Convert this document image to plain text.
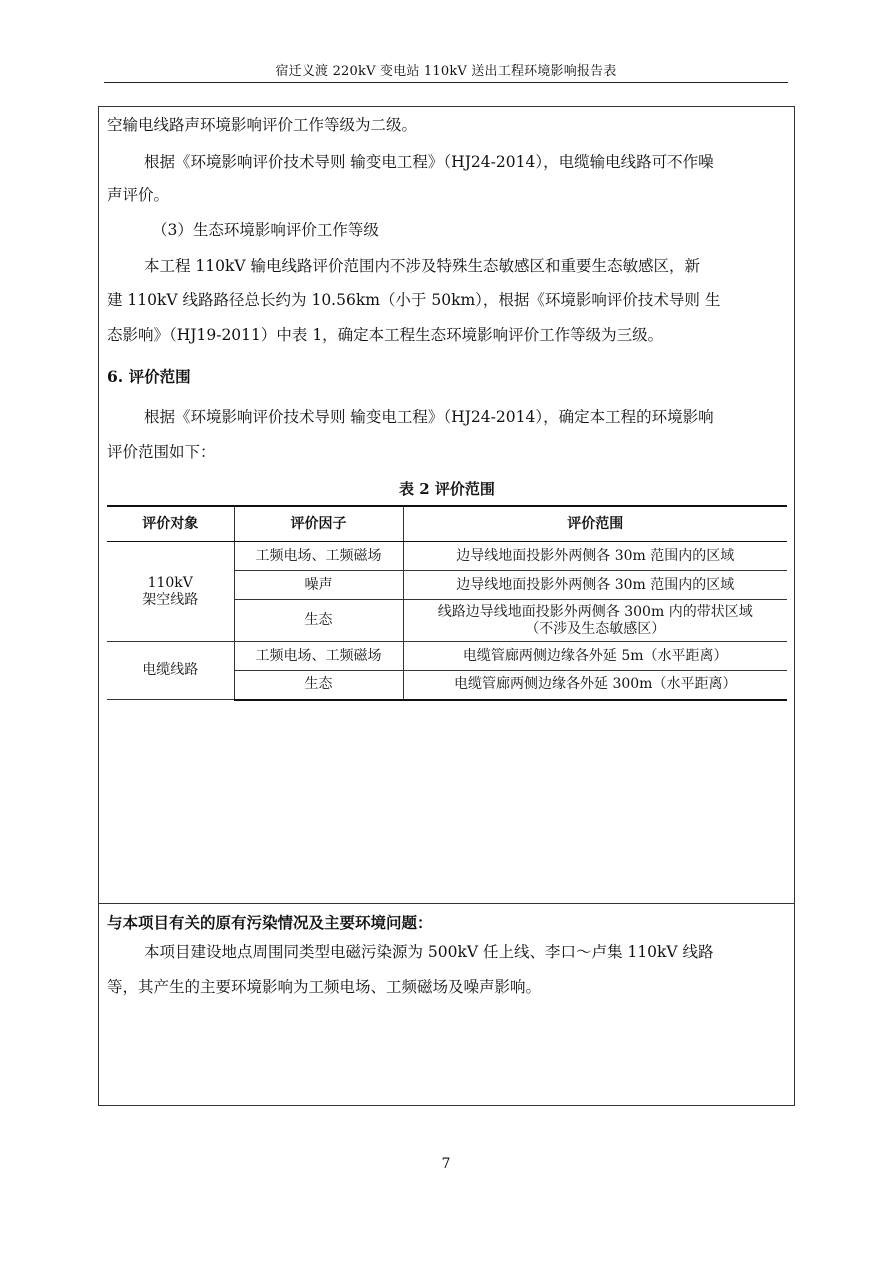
宿迁义渡 220kV 变电站 110kV 送出工程环境影响报告表
空输电线路声环境影响评价工作等级为二级。
根据《环境影响评价技术导则 输变电工程》（HJ24-2014），电缆输电线路可不作噪
声评价。
（3）生态环境影响评价工作等级
本工程 110kV 输电线路评价范围内不涉及特殊生态敏感区和重要生态敏感区，新
建 110kV 线路路径总长约为 10.56km（小于 50km），根据《环境影响评价技术导则 生
态影响》（HJ19-2011）中表 1，确定本工程生态环境影响评价工作等级为三级。
6. 评价范围
根据《环境影响评价技术导则 输变电工程》（HJ24-2014），确定本工程的环境影响
评价范围如下：
表 2 评价范围
评价对象	评价因子	评价范围
110kV
架空线路	工频电场、工频磁场	边导线地面投影外两侧各 30m 范围内的区域
	噪声	边导线地面投影外两侧各 30m 范围内的区域
	生态	线路边导线地面投影外两侧各 300m 内的带状区域
（不涉及生态敏感区）
电缆线路	工频电场、工频磁场	电缆管廊两侧边缘各外延 5m（水平距离）
	生态	电缆管廊两侧边缘各外延 300m（水平距离）
与本项目有关的原有污染情况及主要环境问题：
本项目建设地点周围同类型电磁污染源为 500kV 任上线、李口～卢集 110kV 线路
等，其产生的主要环境影响为工频电场、工频磁场及噪声影响。
7
